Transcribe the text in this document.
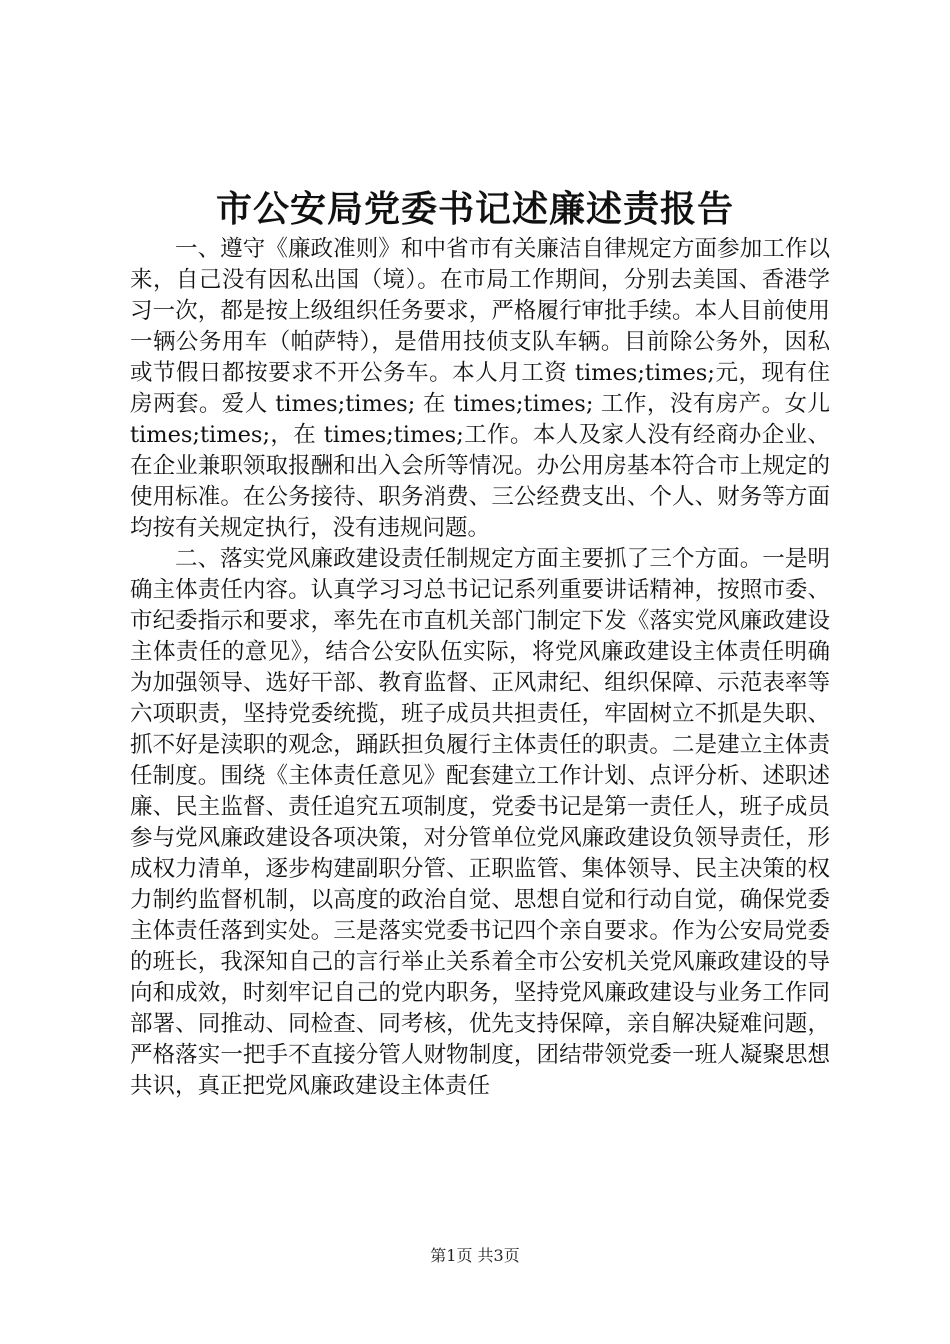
市公安局党委书记述廉述责报告

一、遵守《廉政准则》和中省市有关廉洁自律规定方面参加工作以来，自己没有因私出国（境）。在市局工作期间，分别去美国、香港学习一次，都是按上级组织任务要求，严格履行审批手续。本人目前使用一辆公务用车（帕萨特），是借用技侦支队车辆。目前除公务外，因私或节假日都按要求不开公务车。本人月工资 times;times;元，现有住房两套。爱人 times;times; 在 times;times; 工作，没有房产。女儿 times;times;，在 times;times;工作。本人及家人没有经商办企业、在企业兼职领取报酬和出入会所等情况。办公用房基本符合市上规定的使用标准。在公务接待、职务消费、三公经费支出、个人、财务等方面均按有关规定执行，没有违规问题。

二、落实党风廉政建设责任制规定方面主要抓了三个方面。一是明确主体责任内容。认真学习习总书记记系列重要讲话精神，按照市委、市纪委指示和要求，率先在市直机关部门制定下发《落实党风廉政建设主体责任的意见》，结合公安队伍实际，将党风廉政建设主体责任明确为加强领导、选好干部、教育监督、正风肃纪、组织保障、示范表率等六项职责，坚持党委统揽，班子成员共担责任，牢固树立不抓是失职、抓不好是渎职的观念，踊跃担负履行主体责任的职责。二是建立主体责任制度。围绕《主体责任意见》配套建立工作计划、点评分析、述职述廉、民主监督、责任追究五项制度，党委书记是第一责任人，班子成员参与党风廉政建设各项决策，对分管单位党风廉政建设负领导责任，形成权力清单，逐步构建副职分管、正职监管、集体领导、民主决策的权力制约监督机制，以高度的政治自觉、思想自觉和行动自觉，确保党委主体责任落到实处。三是落实党委书记四个亲自要求。作为公安局党委的班长，我深知自己的言行举止关系着全市公安机关党风廉政建设的导向和成效，时刻牢记自己的党内职务，坚持党风廉政建设与业务工作同部署、同推动、同检查、同考核，优先支持保障，亲自解决疑难问题，严格落实一把手不直接分管人财物制度，团结带领党委一班人凝聚思想共识，真正把党风廉政建设主体责任

第1页 共3页
